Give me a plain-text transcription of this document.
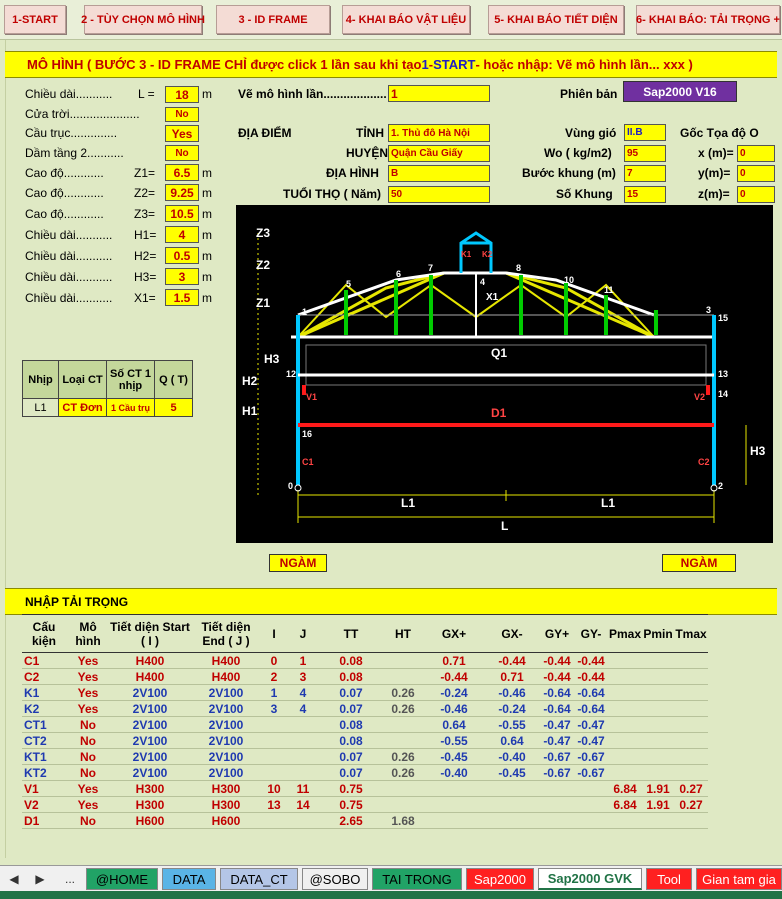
1-START	2 - TÙY CHỌN MÔ HÌNH	3 - ID FRAME	4- KHAI BÁO VẬT LIỆU	5- KHAI BÁO TIẾT DIỆN	6- KHAI BÁO: TẢI TRỌNG +
MÔ HÌNH ( BƯỚC 3 - ID FRAME CHỈ được click 1 lần sau khi tạo 1 - START - hoặc nhập: Vẽ mô hình lần... xxx )
Chiều dài........... L =	18	m
Cửa trời.....................	No
Cầu trục..............	Yes
Dầm tầng 2...........	No
Cao độ............	Z1=	6.5 m
Cao độ............	Z2=	9.25 m
Cao độ............	Z3=	10.5 m
Chiều dài........... H1=	4	m
Chiều dài........... H2=	0.5 m
Chiều dài........... H3=	3	m
Chiều dài........... X1=	1.5 m
Vẽ mô hình lần................... 1	Phiên bản	Sap2000 V16
ĐỊA ĐIỂM	TỈNH 1. Thủ đô Hà Nội
HUYỆN Quận Cầu Giấy
ĐỊA HÌNH	B
TUỔI THỌ ( Năm)	50
Vùng gió	II.B
Wo ( kg/m2)	95
Bước khung (m)	7
Số Khung	15
Gốc Tọa độ O
x (m)= 0
y(m)= 0
z(m)=	0
Nhịp	Loại CT	Số CT 1 nhịp	Q ( T)
L1	CT Đơn	1 Cầu trụ	5
Z3
Z2
Z1
H3
H2
H1
H3
Q1
D1
L1	L1
L
X1
V1	V2
C1	C2
K1 K2
0
1
2
3
4
5
6
7	8
10
11
12	13
14
15
16
NGÀM	NGÀM
NHẬP TẢI TRỌNG
Cấu kiện	Mô hình	Tiết diện Start ( I )	Tiết diện End ( J )	I	J	TT	HT	GX+	GX-	GY+	GY-	Pmax	Pmin	Tmax
C1	Yes	H400	H400	0	1	0.08		0.71	-0.44	-0.44	-0.44			
C2	Yes	H400	H400	2	3	0.08		-0.44	0.71	-0.44	-0.44			
K1	Yes	2V100	2V100	1	4	0.07	0.26	-0.24	-0.46	-0.64	-0.64			
K2	Yes	2V100	2V100	3	4	0.07	0.26	-0.46	-0.24	-0.64	-0.64			
CT1	No	2V100	2V100			0.08		0.64	-0.55	-0.47	-0.47			
CT2	No	2V100	2V100			0.08		-0.55	0.64	-0.47	-0.47			
KT1	No	2V100	2V100			0.07	0.26	-0.45	-0.40	-0.67	-0.67			
KT2	No	2V100	2V100			0.07	0.26	-0.40	-0.45	-0.67	-0.67			
V1	Yes	H300	H300	10	11	0.75						6.84	1.91	0.27
V2	Yes	H300	H300	13	14	0.75						6.84	1.91	0.27
D1	No	H600	H600			2.65	1.68							
◀	▶	...	@HOME	DATA	DATA_CT	@SOBO	TAI TRONG	Sap2000	Sap2000 GVK	Tool	Gian tam gia
